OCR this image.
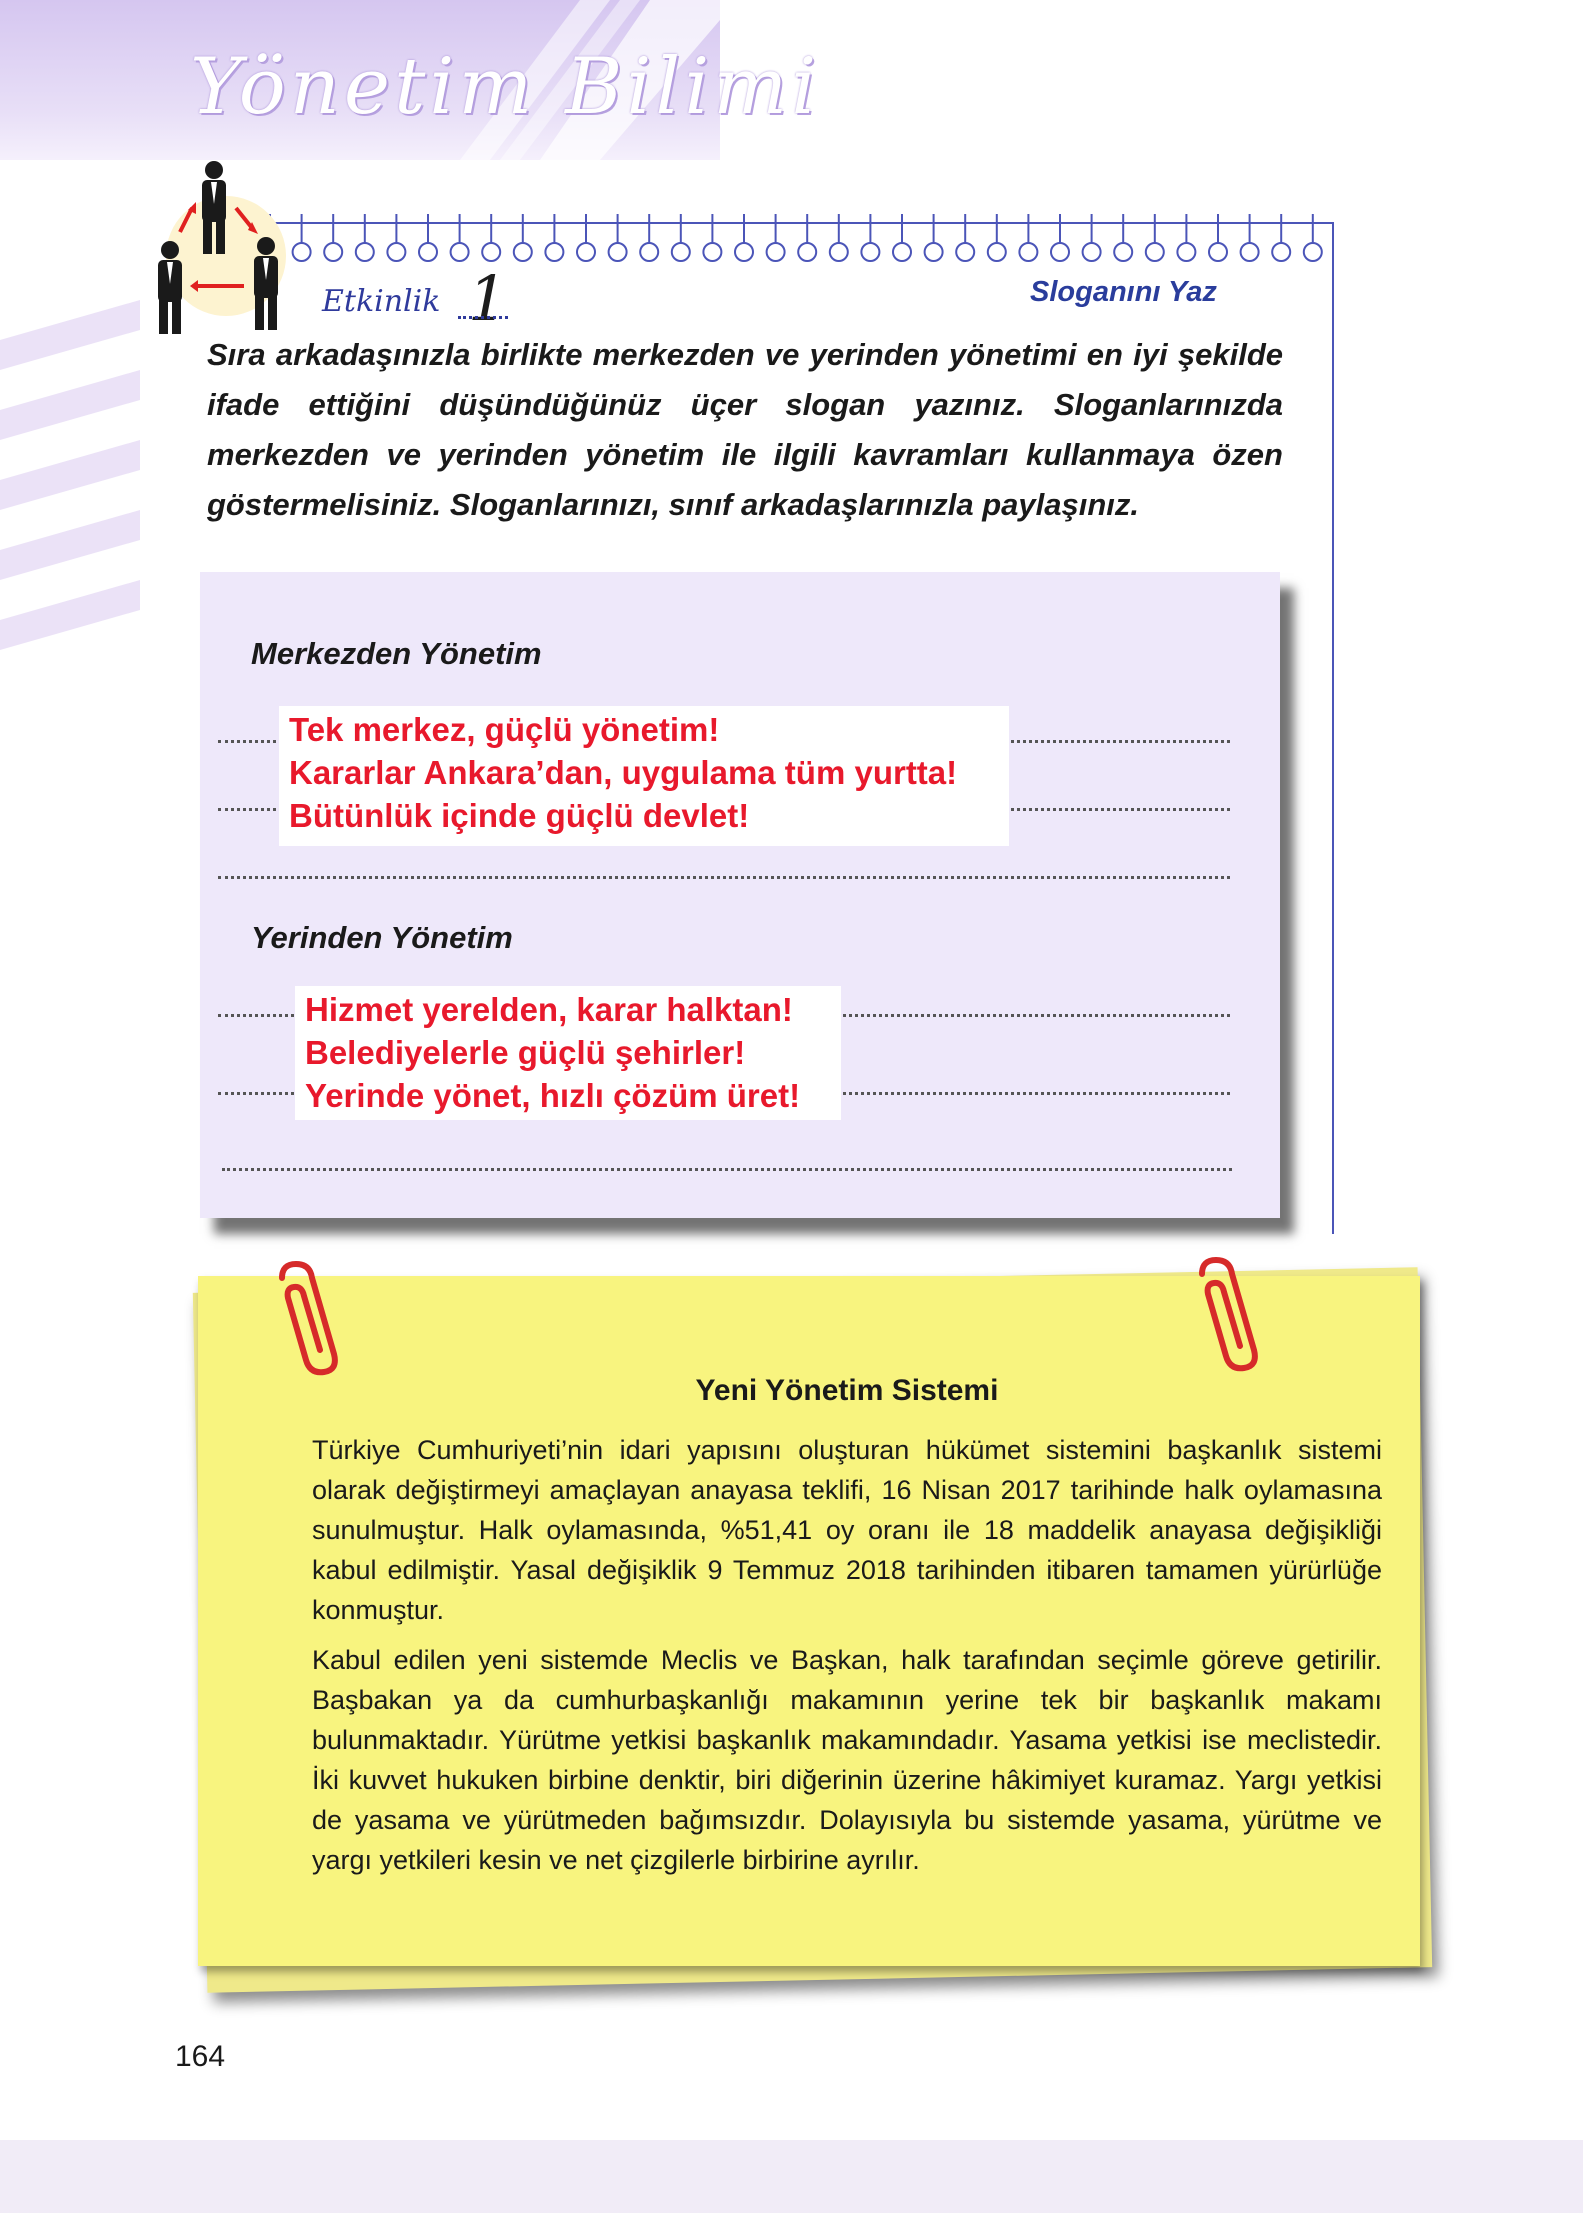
Yönetim Bilimi
Etkinlik 1	Sloganını Yaz

Sıra arkadaşınızla birlikte merkezden ve yerinden yönetimi en iyi şekilde ifade ettiğini düşündüğünüz üçer slogan yazınız. Sloganlarınızda merkezden ve yerinden yönetim ile ilgili kavramları kullanmaya özen göstermelisiniz. Sloganlarınızı, sınıf arkadaşlarınızla paylaşınız.

Merkezden Yönetim
Tek merkez, güçlü yönetim!
Kararlar Ankara’dan, uygulama tüm yurtta!
Bütünlük içinde güçlü devlet!
Yerinden Yönetim
Hizmet yerelden, karar halktan!
Belediyelerle güçlü şehirler!
Yerinde yönet, hızlı çözüm üret!
Yeni Yönetim Sistemi

Türkiye Cumhuriyeti’nin idari yapısını oluşturan hükümet sistemini başkanlık sistemi olarak değiştirmeyi amaçlayan anayasa teklifi, 16 Nisan 2017 tarihinde halk oylamasına sunulmuştur. Halk oylamasında, %51,41 oy oranı ile 18 maddelik anayasa değişikliği kabul edilmiştir. Yasal değişiklik 9 Temmuz 2018 tarihinden itibaren tamamen yürürlüğe konmuştur.

Kabul edilen yeni sistemde Meclis ve Başkan, halk tarafından seçimle göreve getirilir. Başbakan ya da cumhurbaşkanlığı makamının yerine tek bir başkanlık makamı bulunmaktadır. Yürütme yetkisi başkanlık makamındadır. Yasama yetkisi ise meclistedir. İki kuvvet hukuken birbine denktir, biri diğerinin üzerine hâkimiyet kuramaz. Yargı yetkisi de yasama ve yürütmeden bağımsızdır. Dolayısıyla bu sistemde yasama, yürütme ve yargı yetkileri kesin ve net çizgilerle birbirine ayrılır.

164
